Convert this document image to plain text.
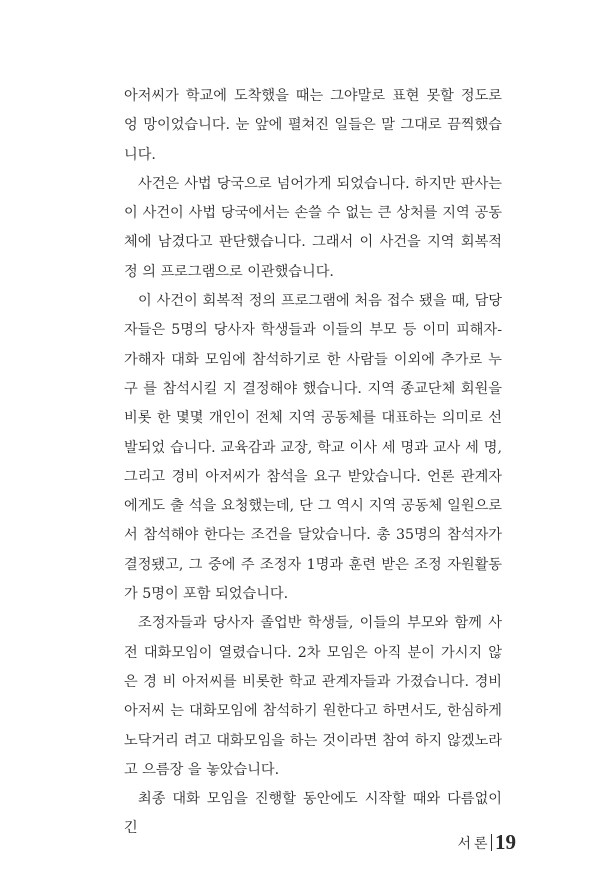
아저씨가 학교에 도착했을 때는 그야말로 표현 못할 정도로 엉 망이었습니다. 눈 앞에 펼쳐진 일들은 말 그대로 끔찍했습니다.

사건은 사법 당국으로 넘어가게 되었습니다. 하지만 판사는 이 사건이 사법 당국에서는 손쓸 수 없는 큰 상처를 지역 공동 체에 남겼다고 판단했습니다. 그래서 이 사건을 지역 회복적 정 의 프로그램으로 이관했습니다.

이 사건이 회복적 정의 프로그램에 처음 접수 됐을 때, 담당 자들은 5명의 당사자 학생들과 이들의 부모 등 이미 피해자- 가해자 대화 모임에 참석하기로 한 사람들 이외에 추가로 누구 를 참석시킬 지 결정해야 했습니다. 지역 종교단체 회원을 비롯 한 몇몇 개인이 전체 지역 공동체를 대표하는 의미로 선발되었 습니다. 교육감과 교장, 학교 이사 세 명과 교사 세 명, 그리고 경비 아저씨가 참석을 요구 받았습니다. 언론 관계자에게도 출 석을 요청했는데, 단 그 역시 지역 공동체 일원으로서 참석해야 한다는 조건을 달았습니다. 총 35명의 참석자가 결정됐고, 그 중에 주 조정자 1명과 훈련 받은 조정 자원활동가 5명이 포함 되었습니다.

조정자들과 당사자 졸업반 학생들, 이들의 부모와 함께 사전 대화모임이 열렸습니다. 2차 모임은 아직 분이 가시지 않은 경 비 아저씨를 비롯한 학교 관계자들과 가졌습니다. 경비 아저씨 는 대화모임에 참석하기 원한다고 하면서도, 한심하게 노닥거리 려고 대화모임을 하는 것이라면 참여 하지 않겠노라고 으름장 을 놓았습니다.

최종 대화 모임을 진행할 동안에도 시작할 때와 다름없이 긴

서론 19
